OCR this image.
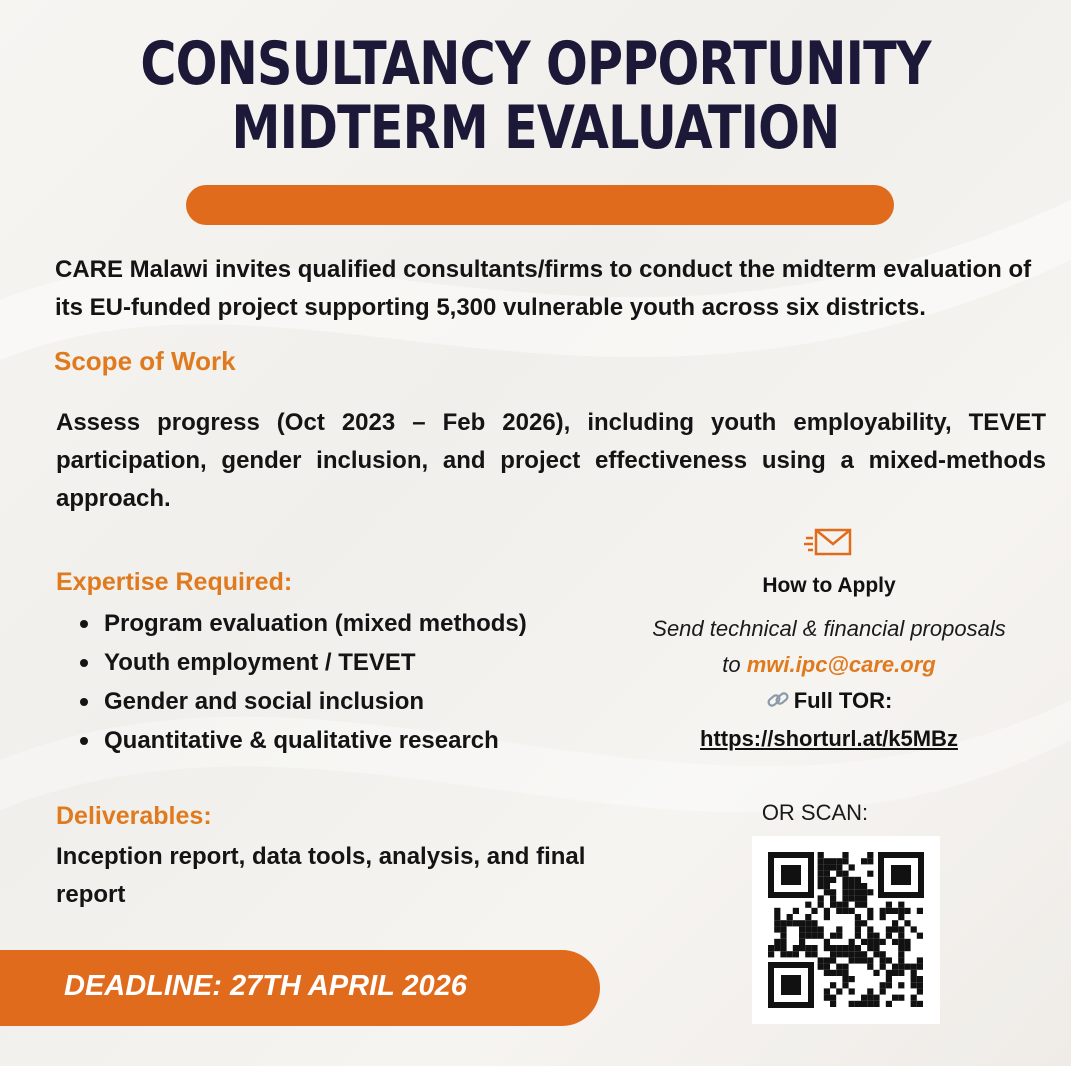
CONSULTANCY OPPORTUNITY
MIDTERM EVALUATION
CARE Malawi invites qualified consultants/firms to conduct the midterm evaluation of its EU-funded project supporting 5,300 vulnerable youth across six districts.
Scope of Work
Assess progress (Oct 2023 – Feb 2026), including youth employability, TEVET participation, gender inclusion, and project effectiveness using a mixed-methods approach.
Expertise Required:
Program evaluation (mixed methods)
Youth employment / TEVET
Gender and social inclusion
Quantitative & qualitative research
Deliverables:
Inception report, data tools, analysis, and final report
DEADLINE: 27TH APRIL 2026
How to Apply
Send technical & financial proposals
to mwi.ipc@care.org
Full TOR:
https://shorturl.at/k5MBz
OR SCAN:
